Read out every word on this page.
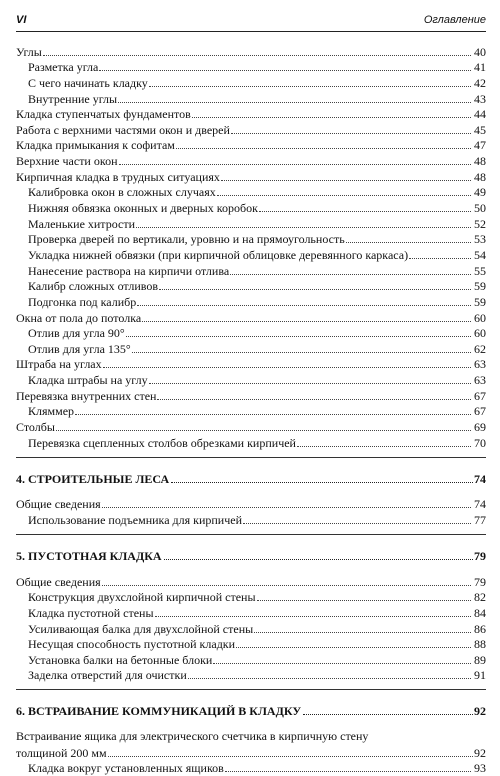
VI	Оглавление
Углы	40
Разметка угла	41
С чего начинать кладку	42
Внутренние углы	43
Кладка ступенчатых фундаментов	44
Работа с верхними частями окон и дверей	45
Кладка примыкания к софитам	47
Верхние части окон	48
Кирпичная кладка в трудных ситуациях	48
Калибровка окон в сложных случаях	49
Нижняя обвязка оконных и дверных коробок	50
Маленькие хитрости	52
Проверка дверей по вертикали, уровню и на прямоугольность	53
Укладка нижней обвязки (при кирпичной облицовке деревянного каркаса)	54
Нанесение раствора на кирпичи отлива	55
Калибр сложных отливов	59
Подгонка под калибр	59
Окна от пола до потолка	60
Отлив для угла 90°	60
Отлив для угла 135°	62
Штраба на углах	63
Кладка штрабы на углу	63
Перевязка внутренних стен	67
Кляммер	67
Столбы	69
Перевязка сцепленных столбов обрезками кирпичей	70
4. СТРОИТЕЛЬНЫЕ ЛЕСА	74
Общие сведения	74
Использование подъемника для кирпичей	77
5. ПУСТОТНАЯ КЛАДКА	79
Общие сведения	79
Конструкция двухслойной кирпичной стены	82
Кладка пустотной стены	84
Усиливающая балка для двухслойной стены	86
Несущая способность пустотной кладки	88
Установка балки на бетонные блоки	89
Заделка отверстий для очистки	91
6. ВСТРАИВАНИЕ КОММУНИКАЦИЙ В КЛАДКУ	92
Встраивание ящика для электрического счетчика в кирпичную стену
толщиной 200 мм	92
Кладка вокруг установленных ящиков	93
